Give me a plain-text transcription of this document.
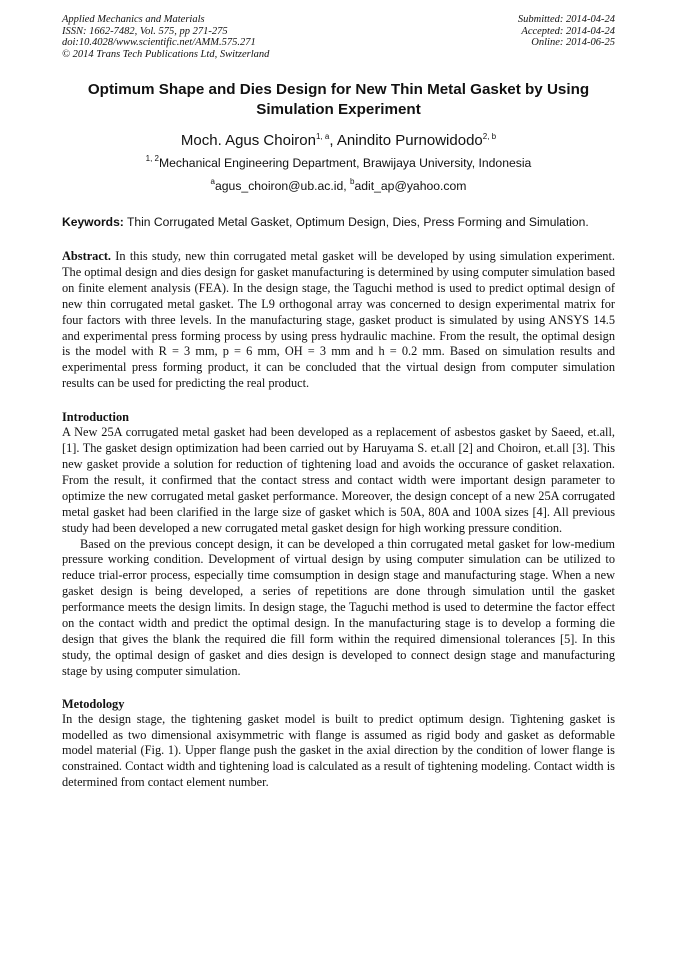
Applied Mechanics and Materials
ISSN: 1662-7482, Vol. 575, pp 271-275
doi:10.4028/www.scientific.net/AMM.575.271
© 2014 Trans Tech Publications Ltd, Switzerland
Submitted: 2014-04-24
Accepted: 2014-04-24
Online: 2014-06-25
Optimum Shape and Dies Design for New Thin Metal Gasket by Using Simulation Experiment
Moch. Agus Choiron$^{1, a}$, Anindito Purnowidodo$^{2, b}$
$^{1, 2}$Mechanical Engineering Department, Brawijaya University, Indonesia
$^a$agus_choiron@ub.ac.id, $^b$adit_ap@yahoo.com
Keywords: Thin Corrugated Metal Gasket, Optimum Design, Dies, Press Forming and Simulation.
Abstract. In this study, new thin corrugated metal gasket will be developed by using simulation experiment. The optimal design and dies design for gasket manufacturing is determined by using computer simulation based on finite element analysis (FEA). In the design stage, the Taguchi method is used to predict optimal design of new thin corrugated metal gasket. The L9 orthogonal array was concerned to design experimental matrix for four factors with three levels. In the manufacturing stage, gasket product is simulated by using ANSYS 14.5 and experimental press forming process by using press hydraulic machine. From the result, the optimal design is the model with R = 3 mm, p = 6 mm, OH = 3 mm and h = 0.2 mm. Based on simulation results and experimental press forming product, it can be concluded that the virtual design from computer simulation results can be used for predicting the real product.
Introduction

A New 25A corrugated metal gasket had been developed as a replacement of asbestos gasket by Saeed, et.all, [1]. The gasket design optimization had been carried out by Haruyama S. et.all [2] and Choiron, et.all [3]. This new gasket provide a solution for reduction of tightening load and avoids the occurance of gasket relaxation. From the result, it confirmed that the contact stress and contact width were important design parameter to optimize the new corrugated metal gasket performance. Moreover, the design concept of a new 25A corrugated metal gasket had been clarified in the large size of gasket which is 50A, 80A and 100A sizes [4]. All previous study had been developed a new corrugated metal gasket design for high working pressure condition.

Based on the previous concept design, it can be developed a thin corrugated metal gasket for low-medium pressure working condition. Development of virtual design by using computer simulation can be utilized to reduce trial-error process, especially time comsumption in design stage and manufacturing stage. When a new gasket design is being developed, a series of repetitions are done through simulation until the gasket performance meets the design limits. In design stage, the Taguchi method is used to determine the factor effect on the contact width and predict the optimal design. In the manufacturing stage is to develop a forming die design that gives the blank the required die fill form within the required dimensional tolerances [5]. In this study, the optimal design of gasket and dies design is developed to connect design stage and manufacturing stage by using computer simulation.

Metodology

In the design stage, the tightening gasket model is built to predict optimum design. Tightening gasket is modelled as two dimensional axisymmetric with flange is assumed as rigid body and gasket as deformable model material (Fig. 1). Upper flange push the gasket in the axial direction by the condition of lower flange is constrained. Contact width and tightening load is calculated as a result of tightening modeling. Contact width is determined from contact element number.
